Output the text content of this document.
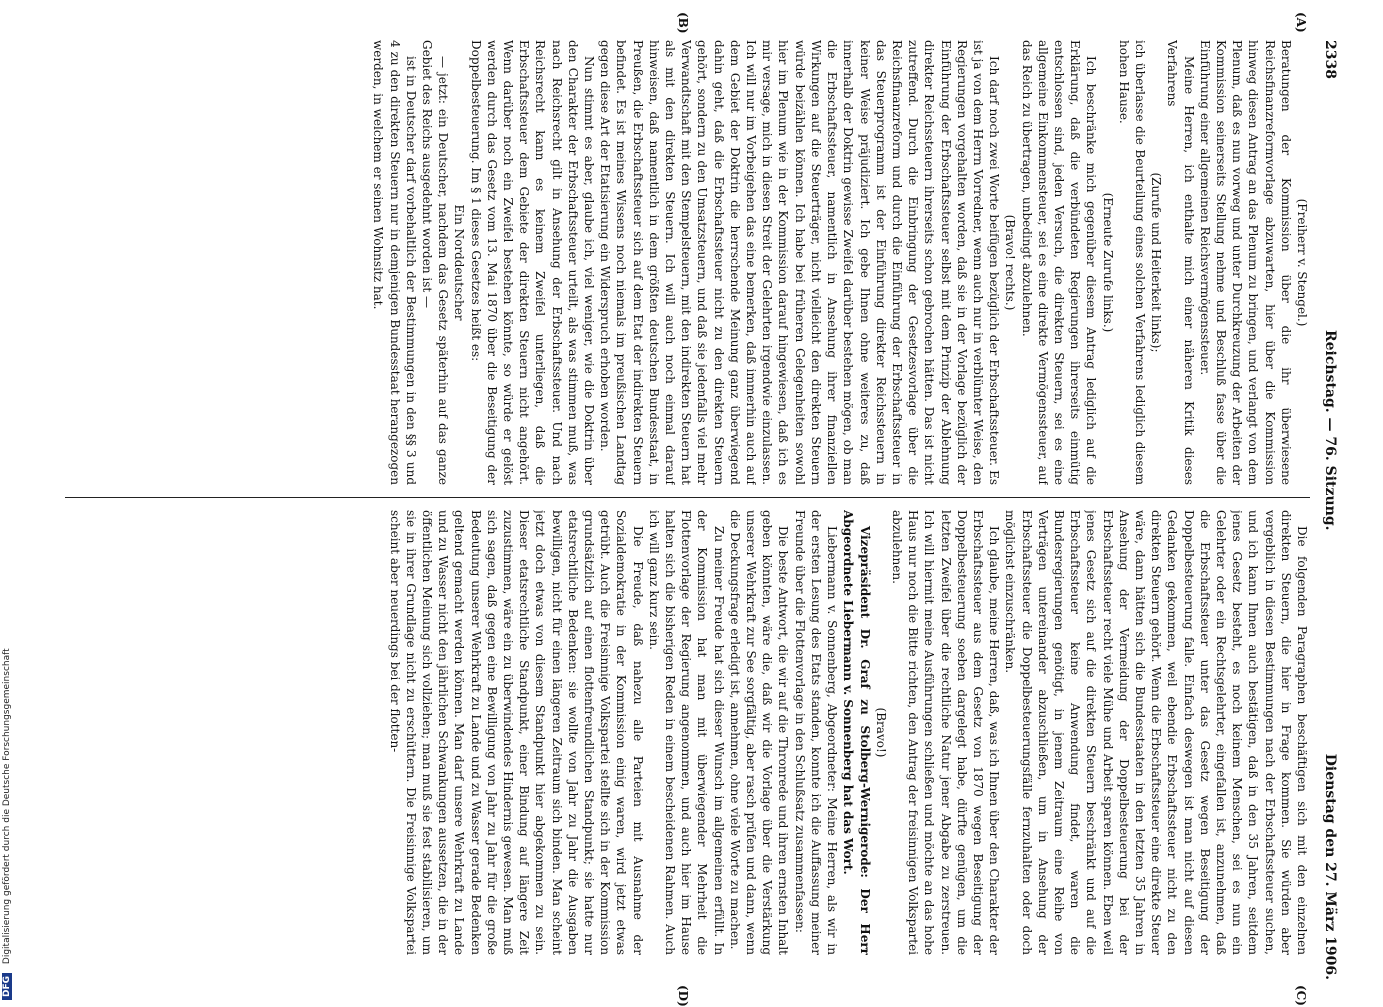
2338
Reichstag. — 76. Sitzung.
Dienstag den 27. März 1906.
(A)
(B)
(C)
(D)

(Freiherr v. Stengel.)

Beratungen der Kommission über die ihr überwiesene Reichsfinanzreformvorlage abzuwarten, hier über die Kommission hinweg diesen Antrag an das Plenum zu bringen, und verlangt von dem Plenum, daß es nun vorweg und unter Durchkreuzung der Arbeiten der Kommission seinerseits Stellung nehme und Beschluß fasse über die Einführung einer allgemeinen Reichsvermögenssteuer.

Meine Herren, ich enthalte mich einer näheren Kritik dieses Verfahrens

(Zurufe und Heiterkeit links);

ich überlasse die Beurteilung eines solchen Verfahrens lediglich diesem hohen Hause.

(Erneute Zurufe links.)

Ich beschränke mich gegenüber diesem Antrag lediglich auf die Erklärung, daß die verbündeten Regierungen ihrerseits einmütig entschlossen sind, jeden Versuch, die direkten Steuern, sei es eine allgemeine Einkommensteuer, sei es eine direkte Vermögenssteuer, auf das Reich zu übertragen, unbedingt abzulehnen.

(Bravo! rechts.)

Ich darf noch zwei Worte beifügen bezüglich der Erbschaftssteuer. Es ist ja von dem Herrn Vorredner, wenn auch nur in verblümter Weise, den Regierungen vorgehalten worden, daß sie in der Vorlage bezüglich der Einführung der Erbschaftssteuer selbst mit dem Prinzip der Ablehnung direkter Reichssteuern ihrerseits schon gebrochen hätten. Das ist nicht zutreffend. Durch die Einbringung der Gesetzesvorlage über die Reichsfinanzreform und durch die Einführung der Erbschaftssteuer in das Steuerprogramm ist der Einführung direkter Reichssteuern in keiner Weise präjudiziert. Ich gebe Ihnen ohne weiteres zu, daß innerhalb der Doktrin gewisse Zweifel darüber bestehen mögen, ob man die Erbschaftssteuer, namentlich in Ansehung ihrer finanziellen Wirkungen auf die Steuerträger, nicht vielleicht den direkten Steuern würde beizählen können. Ich habe bei früheren Gelegenheiten sowohl hier im Plenum wie in der Kommission darauf hingewiesen, daß ich es mir versage, mich in diesen Streit der Gelehrten irgendwie einzulassen. Ich will nur im Vorbeigehen das eine bemerken, daß immerhin auch auf dem Gebiet der Doktrin die herrschende Meinung ganz überwiegend dahin geht, daß die Erbschaftssteuer nicht zu den direkten Steuern gehört, sondern zu den Umsatzsteuern, und daß sie jedenfalls viel mehr Verwandtschaft mit den Stempelsteuern, mit den indirekten Steuern hat als mit den direkten Steuern. Ich will auch noch einmal darauf hinweisen, daß namentlich in dem größten deutschen Bundesstaat, in Preußen, die Erbschaftssteuer sich auf dem Etat der indirekten Steuern befindet. Es ist meines Wissens noch niemals im preußischen Landtag gegen diese Art der Etatisierung ein Widerspruch erhoben worden.

Nun stimmt es aber, glaube ich, viel weniger, wie die Doktrin über den Charakter der Erbschaftssteuer urteilt, als was stimmen muß, was nach Reichsrecht gilt in Ansehung der Erbschaftssteuer. Und nach Reichsrecht kann es keinem Zweifel unterliegen, daß die Erbschaftssteuer dem Gebiete der direkten Steuern nicht angehört. Wenn darüber noch ein Zweifel bestehen könnte, so würde er gelöst werden durch das Gesetz vom 13. Mai 1870 über die Beseitigung der Doppelbesteuerung. Im § 1 dieses Gesetzes heißt es:

Ein Norddeutscher

— jetzt: ein Deutscher, nachdem das Gesetz späterhin auf das ganze Gebiet des Reichs ausgedehnt worden ist —

ist in Deutscher darf vorbehaltlich der Bestimmungen in den §§ 3 und 4 zu den direkten Steuern nur in demjenigen Bundesstaat herangezogen werden, in welchem er seinen Wohnsitz hat.

Die folgenden Paragraphen beschäftigen sich mit den einzelnen direkten Steuern, die hier in Frage kommen. Sie würden aber vergeblich in diesen Bestimmungen nach der Erbschaftssteuer suchen, und ich kann Ihnen auch bestätigen, daß in den 35 Jahren, seitdem jenes Gesetz besteht, es noch keinem Menschen, sei es nun ein Gelehrter oder ein Rechtsgelehrter, eingefallen ist, anzunehmen, daß die Erbschaftssteuer unter das Gesetz wegen Beseitigung der Doppelbesteuerung falle. Einfach deswegen ist man nicht auf diesen Gedanken gekommen, weil ebendie Erbschaftssteuer nicht zu den direkten Steuern gehört. Wenn die Erbschaftssteuer eine direkte Steuer wäre, dann hätten sich die Bundesstaaten in den letzten 35 Jahren in Ansehung der Vermeidung der Doppelbesteuerung bei der Erbschaftssteuer recht viele Mühe und Arbeit sparen können. Eben weil jenes Gesetz sich auf die direkten Steuern beschränkt und auf die Erbschaftssteuer keine Anwendung findet, waren die Bundesregierungen genötigt, in jenem Zeitraum eine Reihe von Verträgen untereinander abzuschließen, um in Ansehung der Erbschaftssteuer die Doppelbesteuerungsfälle fernzuhalten oder doch möglichst einzuschränken.

Ich glaube, meine Herren, daß, was ich Ihnen über den Charakter der Erbschaftssteuer aus dem Gesetz von 1870 wegen Beseitigung der Doppelbesteuerung soeben dargelegt habe, dürfte genügen, um die letzten Zweifel über die rechtliche Natur jener Abgabe zu zerstreuen. Ich will hiermit meine Ausführungen schließen und möchte an das hohe Haus nur noch die Bitte richten, den Antrag der freisinnigen Volkspartei abzulehnen.

(Bravo!)

Vizepräsident Dr. Graf zu Stolberg-Wernigerode: Der Herr Abgeordnete Liebermann v. Sonnenberg hat das Wort.

Liebermann v. Sonnenberg, Abgeordneter: Meine Herren, als wir in der ersten Lesung des Etats standen, konnte ich die Auffassung meiner Freunde über die Flottenvorlage in den Schlußsatz zusammenfassen:

Die beste Antwort, die wir auf die Thronrede und ihren ernsten Inhalt geben könnten, wäre die, daß wir die Vorlage über die Verstärkung unserer Wehrkraft zur See sorgfältig, aber rasch prüfen und dann, wenn die Deckungsfrage erledigt ist, annehmen, ohne viele Worte zu machen.

Zu meiner Freude hat sich dieser Wunsch im allgemeinen erfüllt. In der Kommission hat man mit überwiegender Mehrheit die Flottenvorlage der Regierung angenommen, und auch hier im Hause halten sich die bisherigen Reden in einem bescheidenen Rahmen. Auch ich will ganz kurz sein.

Die Freude, daß nahezu alle Parteien mit Ausnahme der Sozialdemokratie in der Kommission einig waren, wird jetzt etwas getrübt. Auch die Freisinnige Volkspartei stellte sich in der Kommission grundsätzlich auf einen flottenfreundlichen Standpunkt; sie hatte nur etatsrechtliche Bedenken: sie wollte von Jahr zu Jahr die Ausgaben bewilligen, nicht für einen längeren Zeitraum sich binden. Man scheint jetzt doch etwas von diesem Standpunkt hier abgekommen zu sein. Dieser etatsrechtliche Standpunkt, einer Bindung auf längere Zeit zuzustimmen, wäre ein zu überwindendes Hindernis gewesen. Man muß sich sagen, daß gegen eine Bewilligung von Jahr zu Jahr für die große Bedeutung unserer Wehrkraft zu Lande und zu Wasser gerade Bedenken geltend gemacht werden können. Man darf unsere Wehrkraft zu Lande und zu Wasser nicht den jährlichen Schwankungen aussetzen, die in der öffentlichen Meinung sich vollziehen; man muß sie fest stabilisieren, um sie in ihrer Grundlage nicht zu erschüttern. Die Freisinnige Volkspartei scheint aber neuerdings bei der flotten-

DFG Digitalisierung gefördert durch die Deutsche Forschungsgemeinschaft
